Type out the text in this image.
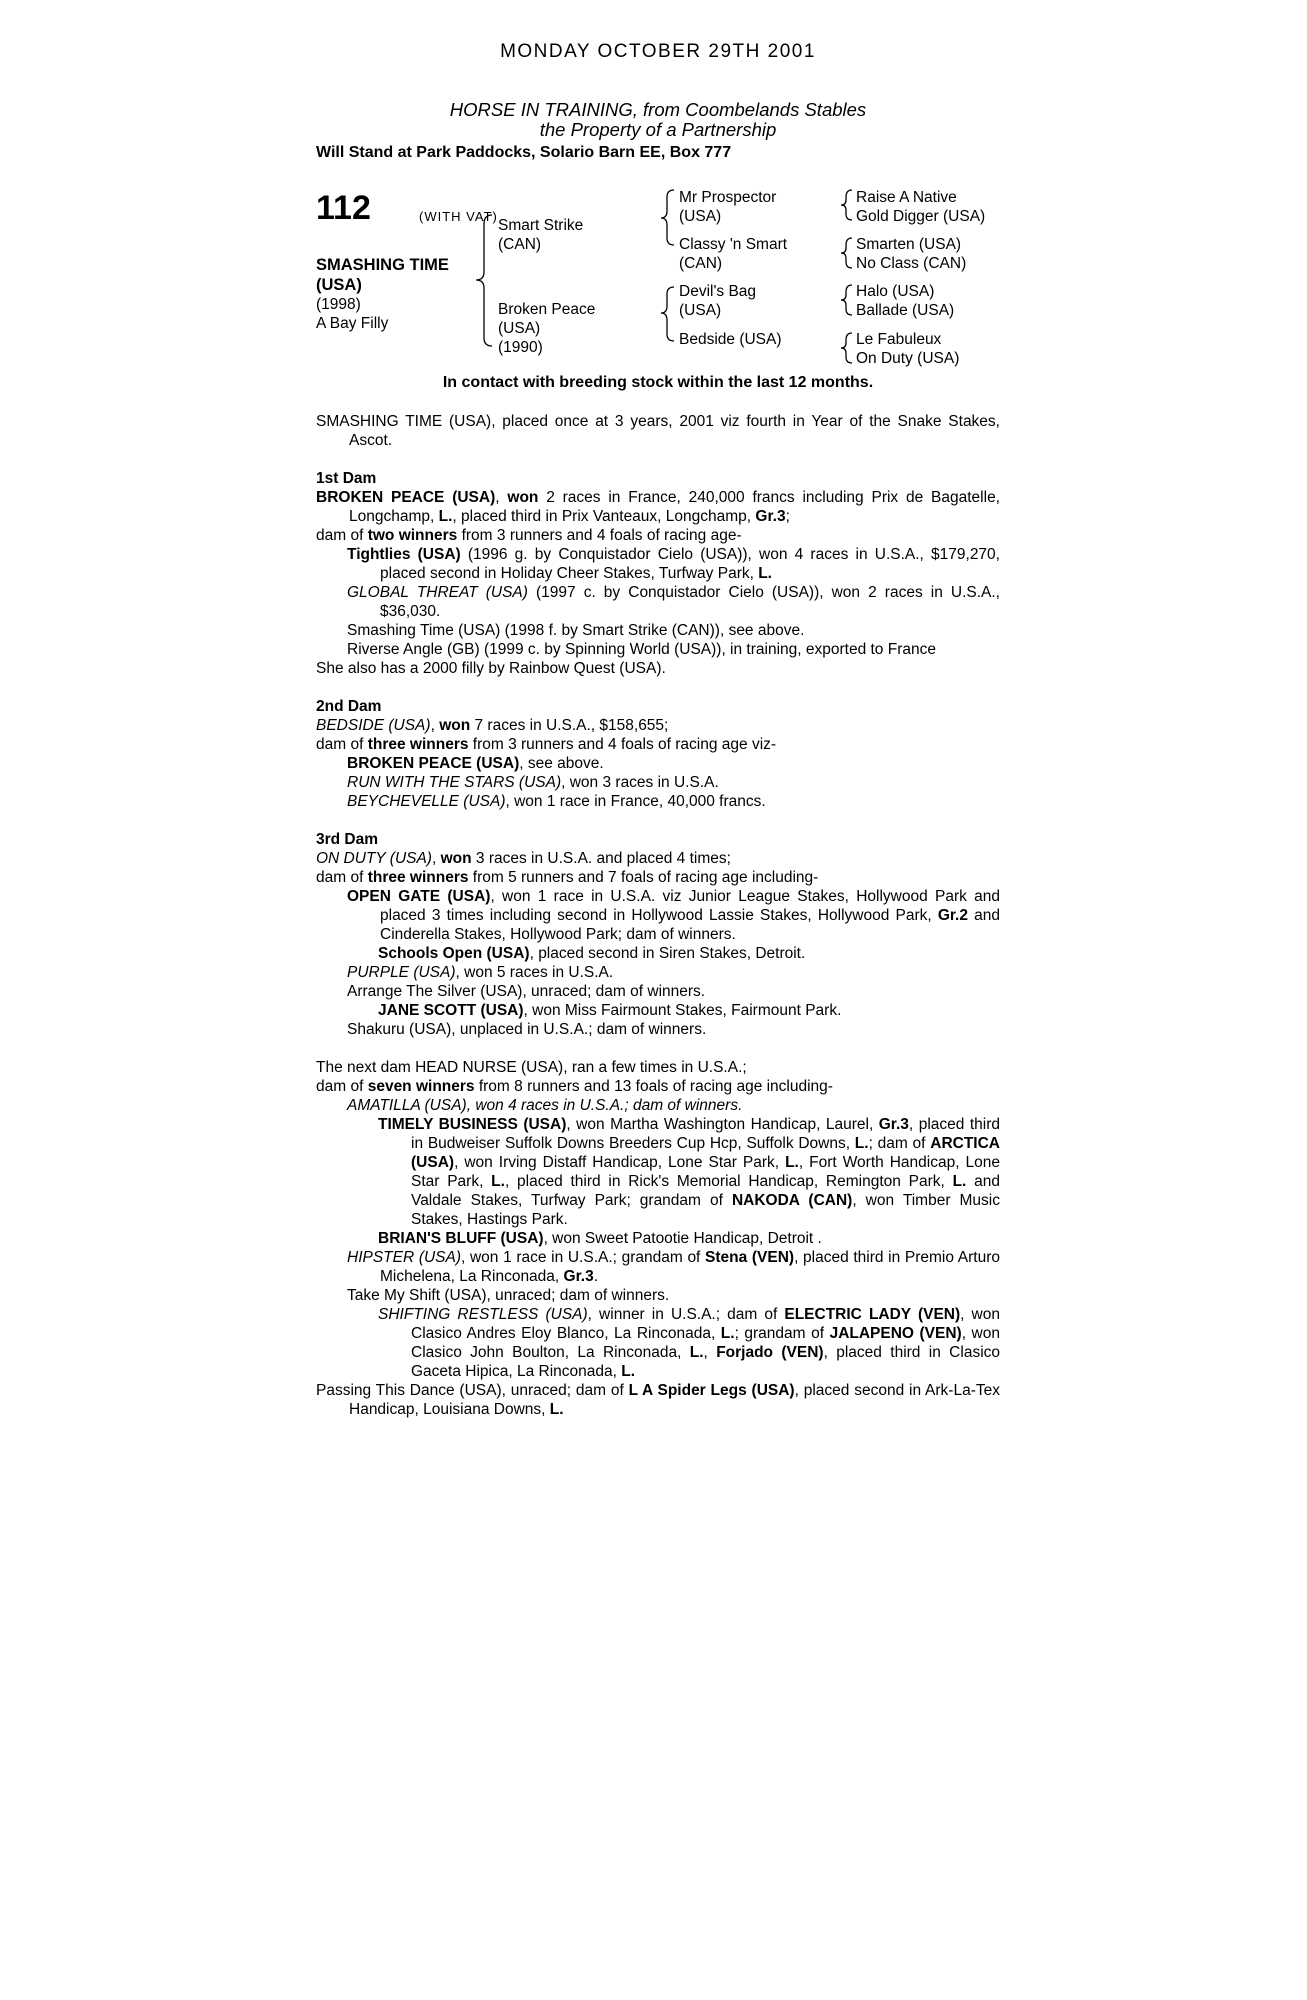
MONDAY OCTOBER 29TH 2001
HORSE IN TRAINING, from Coombelands Stables
the Property of a Partnership
Will Stand at Park Paddocks, Solario Barn EE, Box 777
112	(WITH VAT)
SMASHING TIME
(USA)
(1998)
A Bay Filly
Smart Strike
(CAN)
Broken Peace
(USA)
(1990)
Mr Prospector
(USA)
Classy 'n Smart
(CAN)
Devil's Bag
(USA)
Bedside (USA)
Raise A Native
Gold Digger (USA)
Smarten (USA)
No Class (CAN)
Halo (USA)
Ballade (USA)
Le Fabuleux
On Duty (USA)
In contact with breeding stock within the last 12 months.

SMASHING TIME (USA), placed once at 3 years, 2001 viz fourth in Year of the Snake Stakes, Ascot.

1st Dam

BROKEN PEACE (USA), won 2 races in France, 240,000 francs including Prix de Bagatelle, Longchamp, L., placed third in Prix Vanteaux, Longchamp, Gr.3;

dam of two winners from 3 runners and 4 foals of racing age-

Tightlies (USA) (1996 g. by Conquistador Cielo (USA)), won 4 races in U.S.A., $179,270, placed second in Holiday Cheer Stakes, Turfway Park, L.

GLOBAL THREAT (USA) (1997 c. by Conquistador Cielo (USA)), won 2 races in U.S.A., $36,030.

Smashing Time (USA) (1998 f. by Smart Strike (CAN)), see above.

Riverse Angle (GB) (1999 c. by Spinning World (USA)), in training, exported to France

She also has a 2000 filly by Rainbow Quest (USA).

2nd Dam

BEDSIDE (USA), won 7 races in U.S.A., $158,655;

dam of three winners from 3 runners and 4 foals of racing age viz-

BROKEN PEACE (USA), see above.

RUN WITH THE STARS (USA), won 3 races in U.S.A.

BEYCHEVELLE (USA), won 1 race in France, 40,000 francs.

3rd Dam

ON DUTY (USA), won 3 races in U.S.A. and placed 4 times;

dam of three winners from 5 runners and 7 foals of racing age including-

OPEN GATE (USA), won 1 race in U.S.A. viz Junior League Stakes, Hollywood Park and placed 3 times including second in Hollywood Lassie Stakes, Hollywood Park, Gr.2 and Cinderella Stakes, Hollywood Park; dam of winners.

Schools Open (USA), placed second in Siren Stakes, Detroit.

PURPLE (USA), won 5 races in U.S.A.

Arrange The Silver (USA), unraced; dam of winners.

JANE SCOTT (USA), won Miss Fairmount Stakes, Fairmount Park.

Shakuru (USA), unplaced in U.S.A.; dam of winners.

The next dam HEAD NURSE (USA), ran a few times in U.S.A.;

dam of seven winners from 8 runners and 13 foals of racing age including-

AMATILLA (USA), won 4 races in U.S.A.; dam of winners.

TIMELY BUSINESS (USA), won Martha Washington Handicap, Laurel, Gr.3, placed third in Budweiser Suffolk Downs Breeders Cup Hcp, Suffolk Downs, L.; dam of ARCTICA (USA), won Irving Distaff Handicap, Lone Star Park, L., Fort Worth Handicap, Lone Star Park, L., placed third in Rick's Memorial Handicap, Remington Park, L. and Valdale Stakes, Turfway Park; grandam of NAKODA (CAN), won Timber Music Stakes, Hastings Park.

BRIAN'S BLUFF (USA), won Sweet Patootie Handicap, Detroit .

HIPSTER (USA), won 1 race in U.S.A.; grandam of Stena (VEN), placed third in Premio Arturo Michelena, La Rinconada, Gr.3.

Take My Shift (USA), unraced; dam of winners.

SHIFTING RESTLESS (USA), winner in U.S.A.; dam of ELECTRIC LADY (VEN), won Clasico Andres Eloy Blanco, La Rinconada, L.; grandam of JALAPENO (VEN), won Clasico John Boulton, La Rinconada, L., Forjado (VEN), placed third in Clasico Gaceta Hipica, La Rinconada, L.

Passing This Dance (USA), unraced; dam of L A Spider Legs (USA), placed second in Ark-La-Tex Handicap, Louisiana Downs, L.
